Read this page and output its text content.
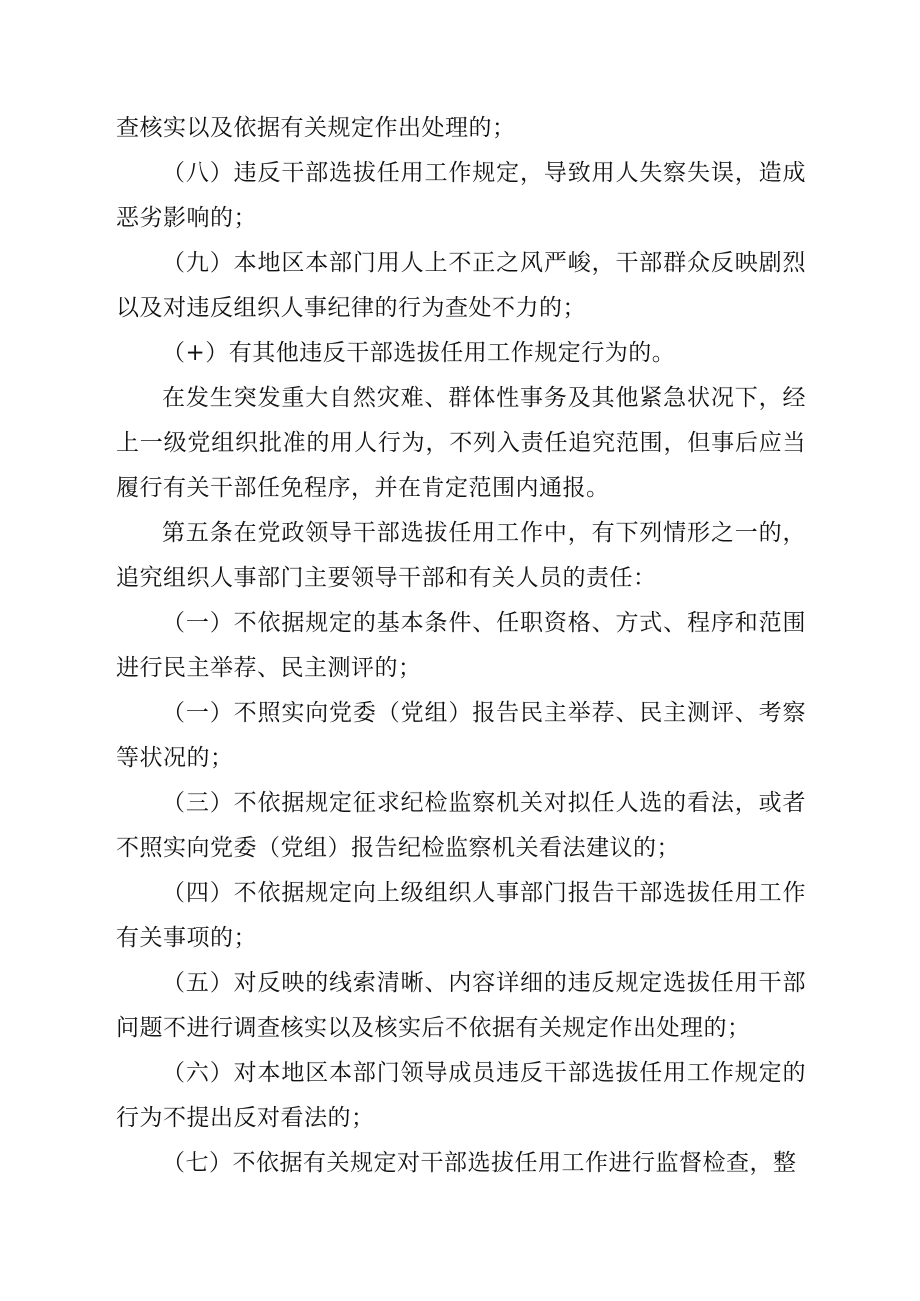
查核实以及依据有关规定作出处理的；

（八）违反干部选拔任用工作规定，导致用人失察失误，造成恶劣影响的；

（九）本地区本部门用人上不正之风严峻，干部群众反映剧烈以及对违反组织人事纪律的行为查处不力的；

（+）有其他违反干部选拔任用工作规定行为的。

在发生突发重大自然灾难、群体性事务及其他紧急状况下，经上一级党组织批准的用人行为，不列入责任追究范围，但事后应当履行有关干部任免程序，并在肯定范围内通报。

第五条在党政领导干部选拔任用工作中，有下列情形之一的，追究组织人事部门主要领导干部和有关人员的责任：

（一）不依据规定的基本条件、任职资格、方式、程序和范围进行民主举荐、民主测评的；

（一）不照实向党委（党组）报告民主举荐、民主测评、考察等状况的；

（三）不依据规定征求纪检监察机关对拟任人选的看法，或者不照实向党委（党组）报告纪检监察机关看法建议的；

（四）不依据规定向上级组织人事部门报告干部选拔任用工作有关事项的；

（五）对反映的线索清晰、内容详细的违反规定选拔任用干部问题不进行调查核实以及核实后不依据有关规定作出处理的；

（六）对本地区本部门领导成员违反干部选拔任用工作规定的行为不提出反对看法的；

（七）不依据有关规定对干部选拔任用工作进行监督检查，整
